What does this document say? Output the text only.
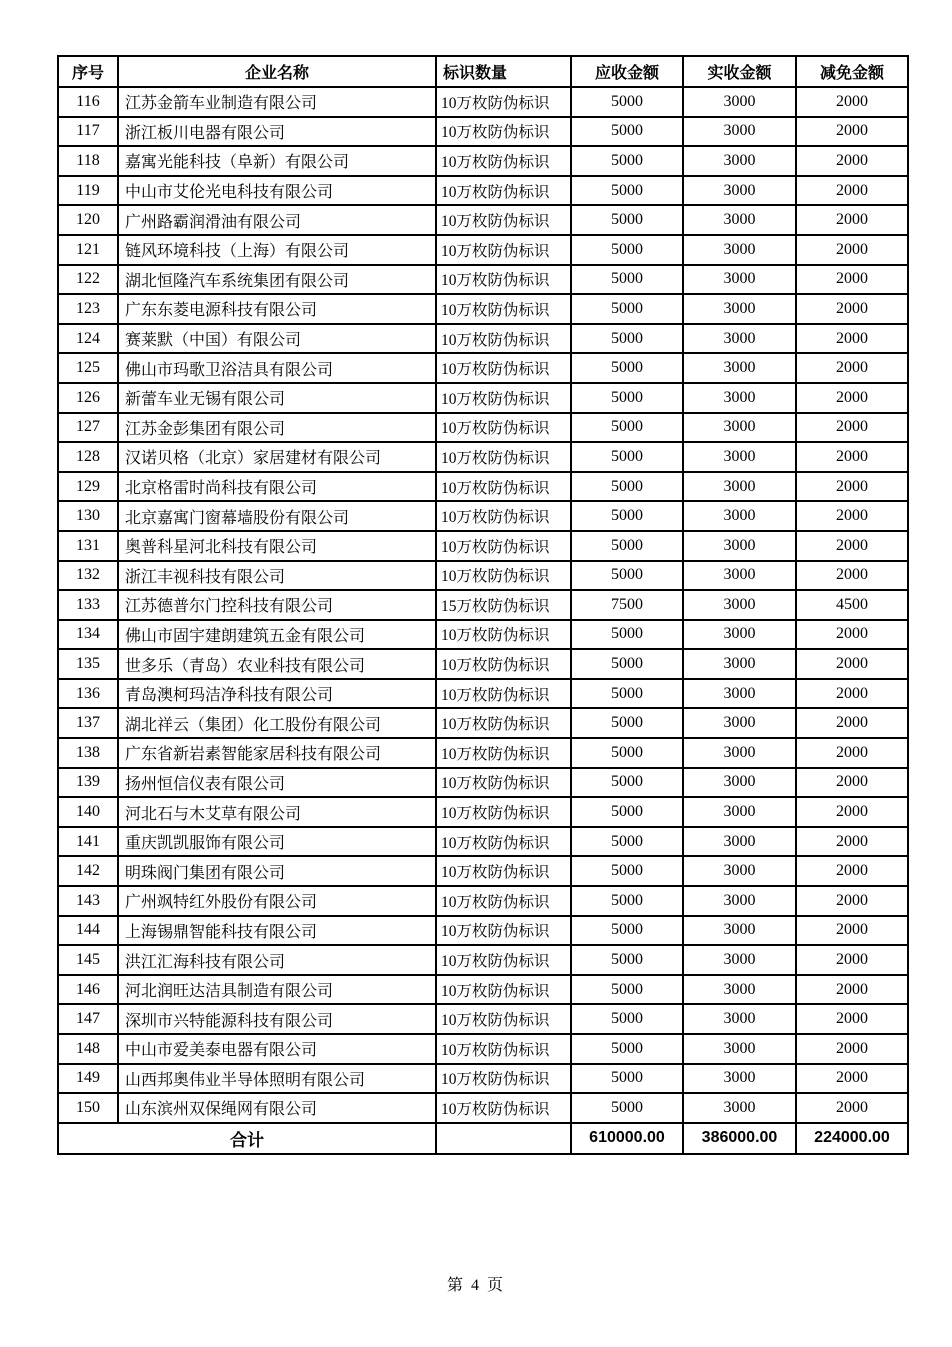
序号	企业名称	标识数量	应收金额	实收金额	减免金额
116	江苏金箭车业制造有限公司	10万枚防伪标识	5000	3000	2000
117	浙江板川电器有限公司	10万枚防伪标识	5000	3000	2000
118	嘉寓光能科技（阜新）有限公司	10万枚防伪标识	5000	3000	2000
119	中山市艾伦光电科技有限公司	10万枚防伪标识	5000	3000	2000
120	广州路霸润滑油有限公司	10万枚防伪标识	5000	3000	2000
121	链风环境科技（上海）有限公司	10万枚防伪标识	5000	3000	2000
122	湖北恒隆汽车系统集团有限公司	10万枚防伪标识	5000	3000	2000
123	广东东菱电源科技有限公司	10万枚防伪标识	5000	3000	2000
124	赛莱默（中国）有限公司	10万枚防伪标识	5000	3000	2000
125	佛山市玛歌卫浴洁具有限公司	10万枚防伪标识	5000	3000	2000
126	新蕾车业无锡有限公司	10万枚防伪标识	5000	3000	2000
127	江苏金彭集团有限公司	10万枚防伪标识	5000	3000	2000
128	汉诺贝格（北京）家居建材有限公司	10万枚防伪标识	5000	3000	2000
129	北京格雷时尚科技有限公司	10万枚防伪标识	5000	3000	2000
130	北京嘉寓门窗幕墙股份有限公司	10万枚防伪标识	5000	3000	2000
131	奥普科星河北科技有限公司	10万枚防伪标识	5000	3000	2000
132	浙江丰视科技有限公司	10万枚防伪标识	5000	3000	2000
133	江苏德普尔门控科技有限公司	15万枚防伪标识	7500	3000	4500
134	佛山市固宇建朗建筑五金有限公司	10万枚防伪标识	5000	3000	2000
135	世多乐（青岛）农业科技有限公司	10万枚防伪标识	5000	3000	2000
136	青岛澳柯玛洁净科技有限公司	10万枚防伪标识	5000	3000	2000
137	湖北祥云（集团）化工股份有限公司	10万枚防伪标识	5000	3000	2000
138	广东省新岩素智能家居科技有限公司	10万枚防伪标识	5000	3000	2000
139	扬州恒信仪表有限公司	10万枚防伪标识	5000	3000	2000
140	河北石与木艾草有限公司	10万枚防伪标识	5000	3000	2000
141	重庆凯凯服饰有限公司	10万枚防伪标识	5000	3000	2000
142	明珠阀门集团有限公司	10万枚防伪标识	5000	3000	2000
143	广州飒特红外股份有限公司	10万枚防伪标识	5000	3000	2000
144	上海锡鼎智能科技有限公司	10万枚防伪标识	5000	3000	2000
145	洪江汇海科技有限公司	10万枚防伪标识	5000	3000	2000
146	河北润旺达洁具制造有限公司	10万枚防伪标识	5000	3000	2000
147	深圳市兴特能源科技有限公司	10万枚防伪标识	5000	3000	2000
148	中山市爱美泰电器有限公司	10万枚防伪标识	5000	3000	2000
149	山西邦奥伟业半导体照明有限公司	10万枚防伪标识	5000	3000	2000
150	山东滨州双保绳网有限公司	10万枚防伪标识	5000	3000	2000
合计			610000.00	386000.00	224000.00
第 4 页
